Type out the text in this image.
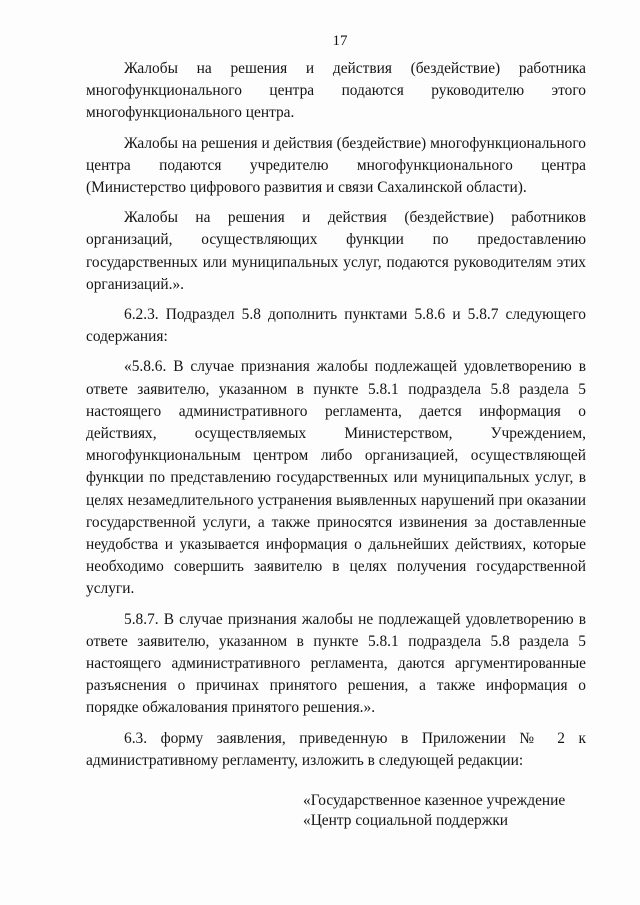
17

Жалобы на решения и действия (бездействие) работника многофункционального центра подаются руководителю этого многофункционального центра.

Жалобы на решения и действия (бездействие) многофункционального центра подаются учредителю многофункционального центра (Министерство цифрового развития и связи Сахалинской области).

Жалобы на решения и действия (бездействие) работников организаций, осуществляющих функции по предоставлению государственных или муниципальных услуг, подаются руководителям этих организаций.».

6.2.3. Подраздел 5.8 дополнить пунктами 5.8.6 и 5.8.7 следующего содержания:

«5.8.6. В случае признания жалобы подлежащей удовлетворению в ответе заявителю, указанном в пункте 5.8.1 подраздела 5.8 раздела 5 настоящего административного регламента, дается информация о действиях, осуществляемых Министерством, Учреждением, многофункциональным центром либо организацией, осуществляющей функции по представлению государственных или муниципальных услуг, в целях незамедлительного устранения выявленных нарушений при оказании государственной услуги, а также приносятся извинения за доставленные неудобства и указывается информация о дальнейших действиях, которые необходимо совершить заявителю в целях получения государственной услуги.

5.8.7. В случае признания жалобы не подлежащей удовлетворению в ответе заявителю, указанном в пункте 5.8.1 подраздела 5.8 раздела 5 настоящего административного регламента, даются аргументированные разъяснения о причинах принятого решения, а также информация о порядке обжалования принятого решения.».

6.3. форму заявления, приведенную в Приложении № 2 к административному регламенту, изложить в следующей редакции:

«Государственное казенное учреждение
«Центр социальной поддержки
